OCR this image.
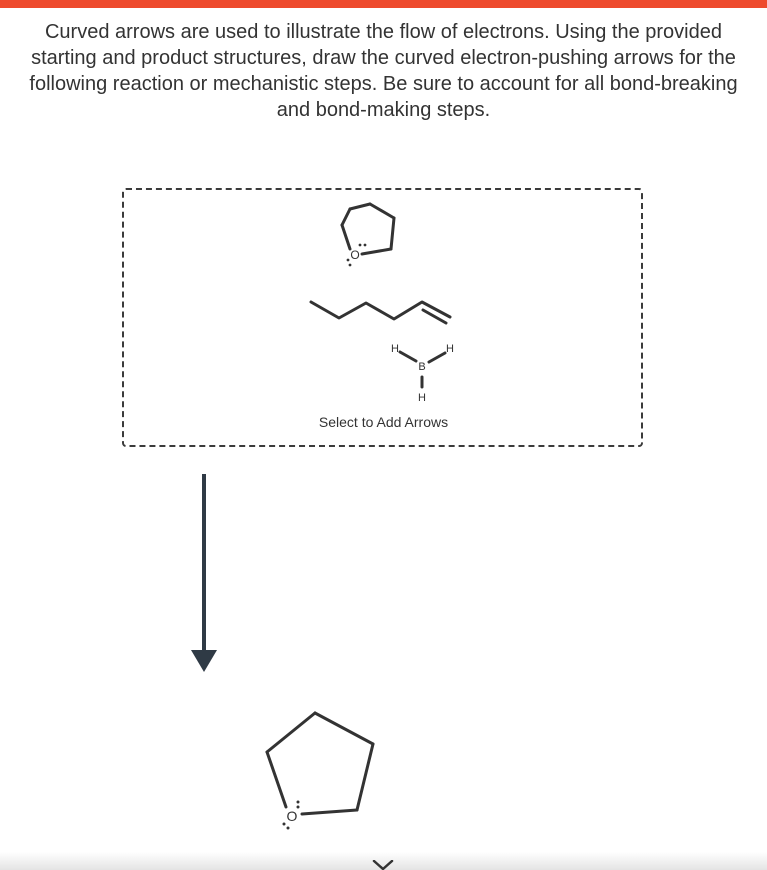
Curved arrows are used to illustrate the flow of electrons. Using the provided starting and product structures, draw the curved electron-pushing arrows for the following reaction or mechanistic steps. Be sure to account for all bond-breaking and bond-making steps.
O
H	H
B
H
O
Select to Add Arrows
